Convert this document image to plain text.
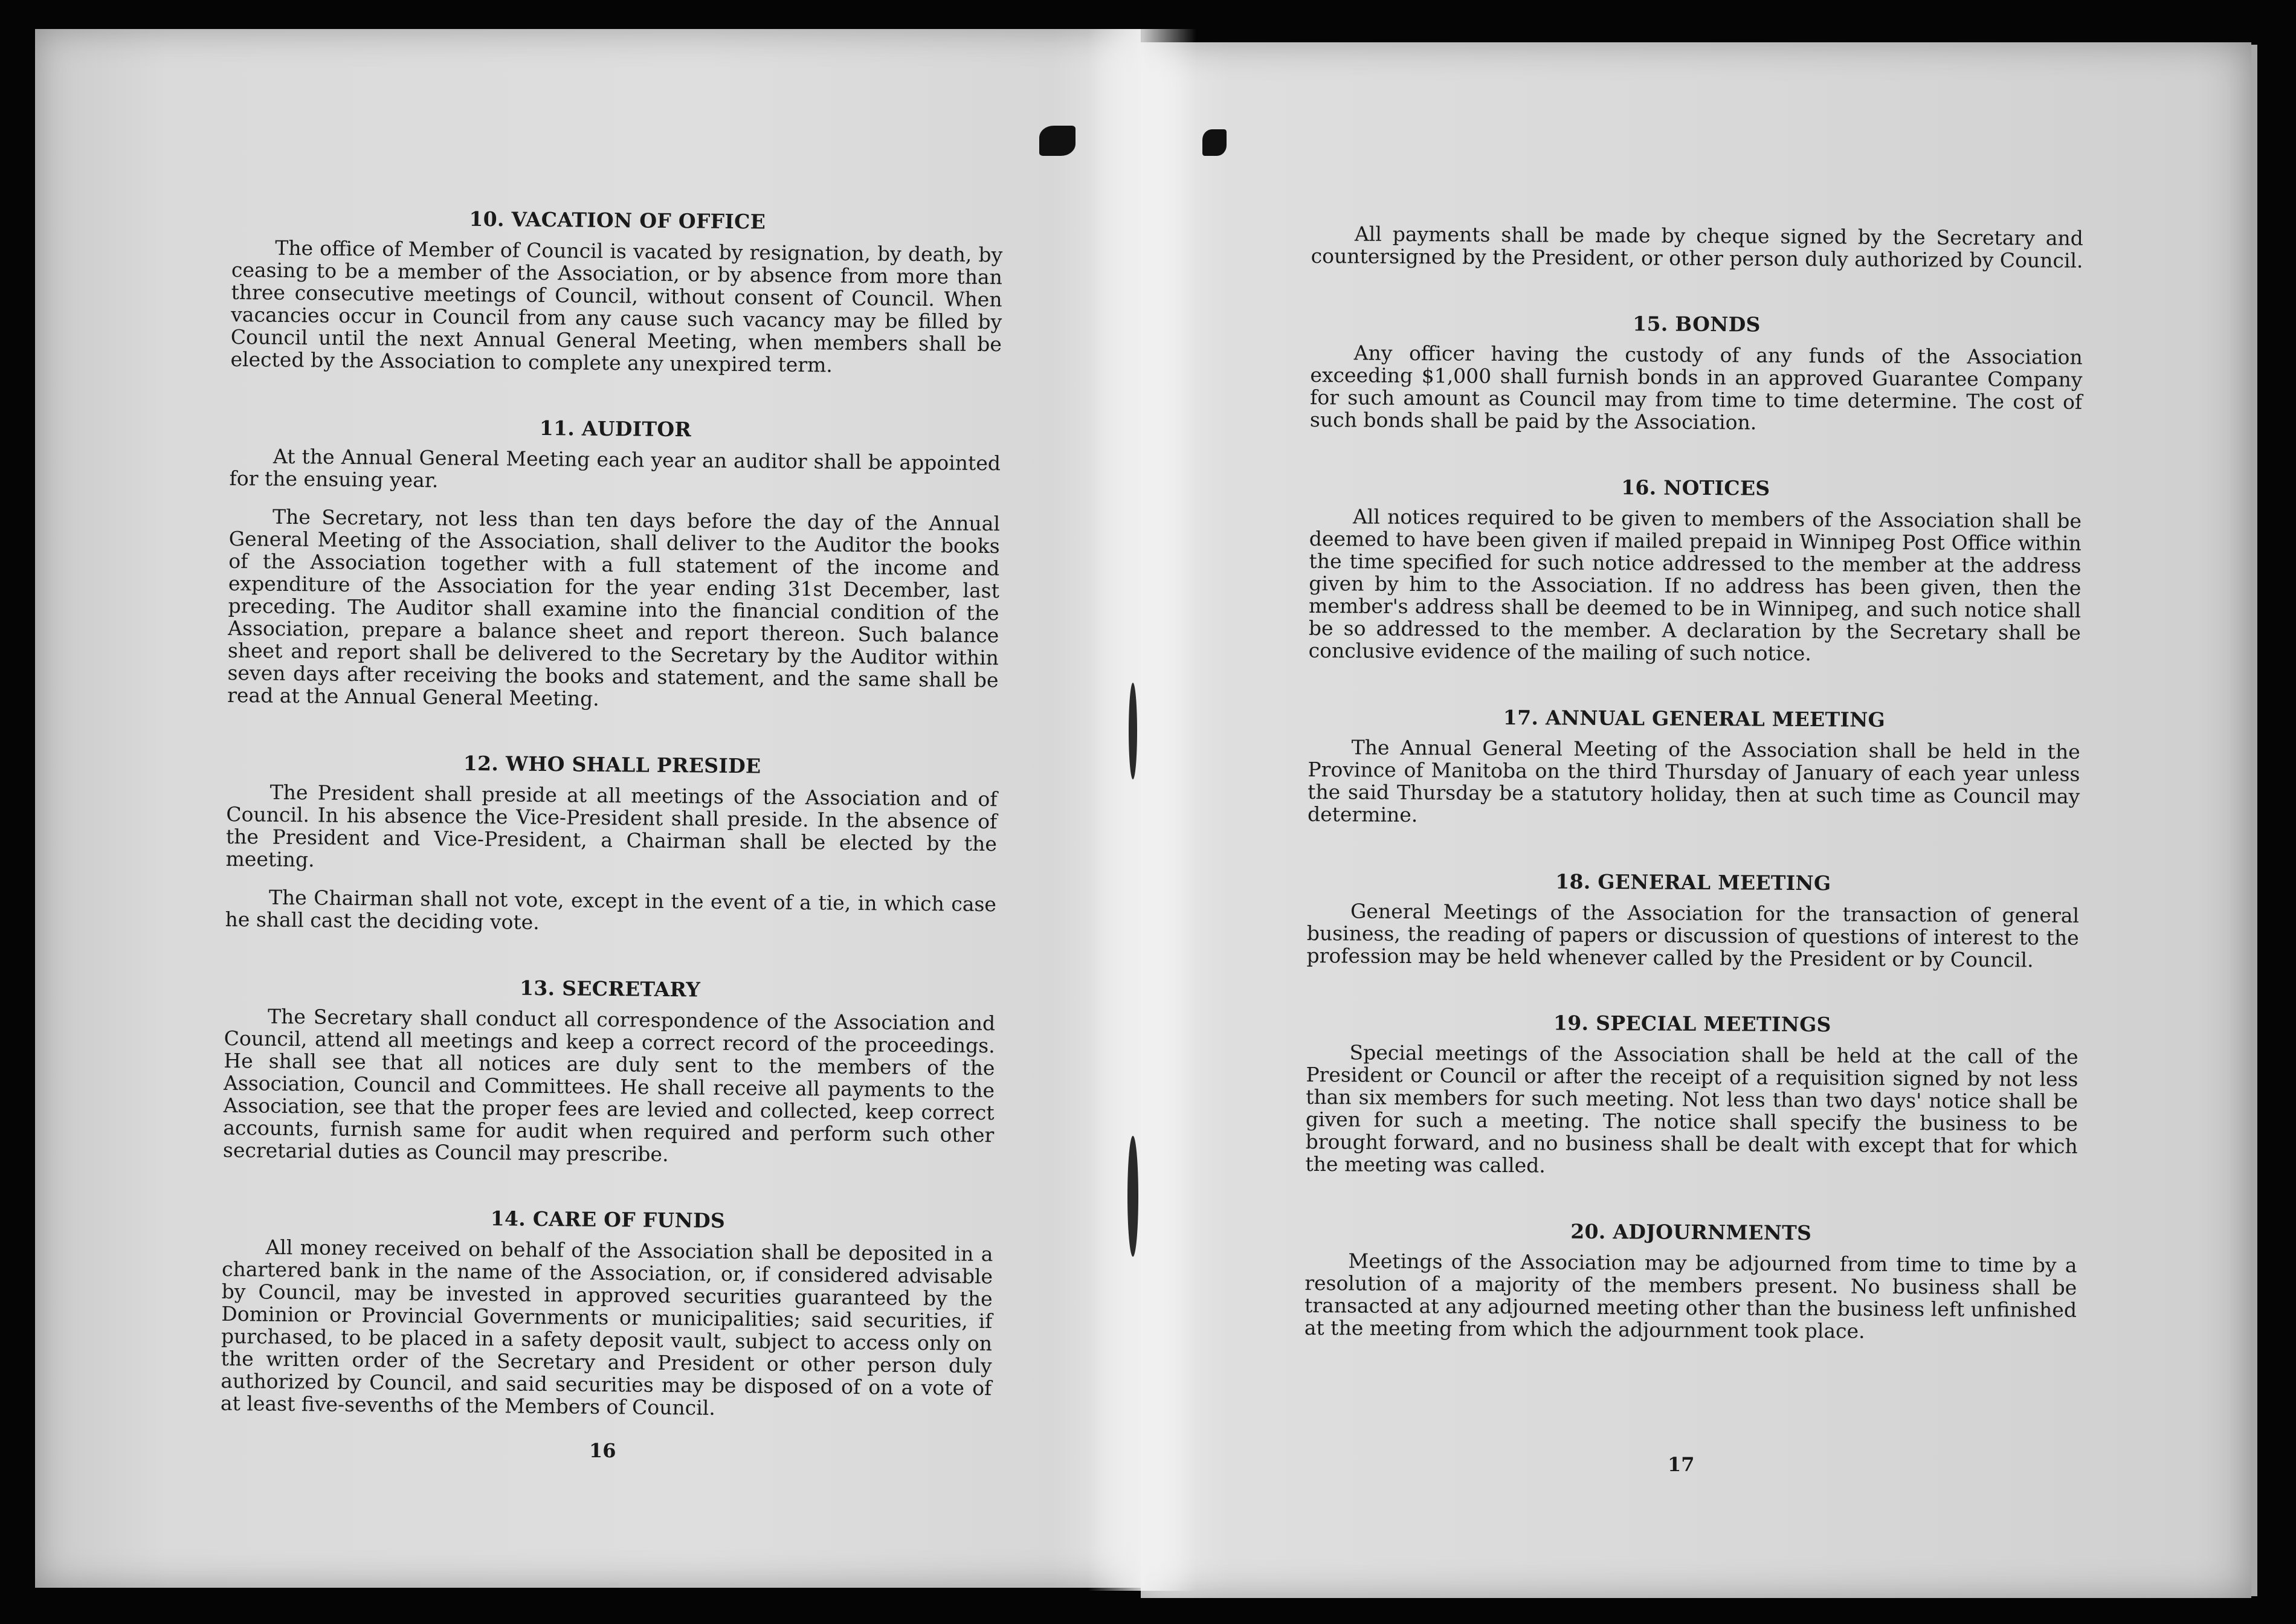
10. VACATION OF OFFICE
The office of Member of Council is vacated by resignation, by death, by ceasing to be a member of the Association, or by absence from more than three consecutive meetings of Council, without consent of Council. When vacancies occur in Council from any cause such vacancy may be filled by Council until the next Annual General Meeting, when members shall be elected by the Association to complete any unexpired term.
11. AUDITOR
At the Annual General Meeting each year an auditor shall be appointed for the ensuing year.
The Secretary, not less than ten days before the day of the Annual General Meeting of the Association, shall deliver to the Auditor the books of the Association together with a full statement of the income and expenditure of the Association for the year ending 31st December, last preceding. The Auditor shall examine into the financial condition of the Association, prepare a balance sheet and report thereon. Such balance sheet and report shall be delivered to the Secretary by the Auditor within seven days after receiving the books and statement, and the same shall be read at the Annual General Meeting.
12. WHO SHALL PRESIDE
The President shall preside at all meetings of the Association and of Council. In his absence the Vice-President shall preside. In the absence of the President and Vice-President, a Chairman shall be elected by the meeting.
The Chairman shall not vote, except in the event of a tie, in which case he shall cast the deciding vote.
13. SECRETARY
The Secretary shall conduct all correspondence of the Association and Council, attend all meetings and keep a correct record of the proceedings. He shall see that all notices are duly sent to the members of the Association, Council and Committees. He shall receive all payments to the Association, see that the proper fees are levied and collected, keep correct accounts, furnish same for audit when required and perform such other secretarial duties as Council may prescribe.
14. CARE OF FUNDS
All money received on behalf of the Association shall be deposited in a chartered bank in the name of the Association, or, if considered advisable by Council, may be invested in approved securities guaranteed by the Dominion or Provincial Governments or municipalities; said securities, if purchased, to be placed in a safety deposit vault, subject to access only on the written order of the Secretary and President or other person duly authorized by Council, and said securities may be disposed of on a vote of at least five-sevenths of the Members of Council.
16
All payments shall be made by cheque signed by the Secretary and countersigned by the President, or other person duly authorized by Council.
15. BONDS
Any officer having the custody of any funds of the Association exceeding $1,000 shall furnish bonds in an approved Guarantee Company for such amount as Council may from time to time determine. The cost of such bonds shall be paid by the Association.
16. NOTICES
All notices required to be given to members of the Association shall be deemed to have been given if mailed prepaid in Winnipeg Post Office within the time specified for such notice addressed to the member at the address given by him to the Association. If no address has been given, then the member's address shall be deemed to be in Winnipeg, and such notice shall be so addressed to the member. A declaration by the Secretary shall be conclusive evidence of the mailing of such notice.
17. ANNUAL GENERAL MEETING
The Annual General Meeting of the Association shall be held in the Province of Manitoba on the third Thursday of January of each year unless the said Thursday be a statutory holiday, then at such time as Council may determine.
18. GENERAL MEETING
General Meetings of the Association for the transaction of general business, the reading of papers or discussion of questions of interest to the profession may be held whenever called by the President or by Council.
19. SPECIAL MEETINGS
Special meetings of the Association shall be held at the call of the President or Council or after the receipt of a requisition signed by not less than six members for such meeting. Not less than two days' notice shall be given for such a meeting. The notice shall specify the business to be brought forward, and no business shall be dealt with except that for which the meeting was called.
20. ADJOURNMENTS
Meetings of the Association may be adjourned from time to time by a resolution of a majority of the members present. No business shall be transacted at any adjourned meeting other than the business left unfinished at the meeting from which the adjournment took place.
17
